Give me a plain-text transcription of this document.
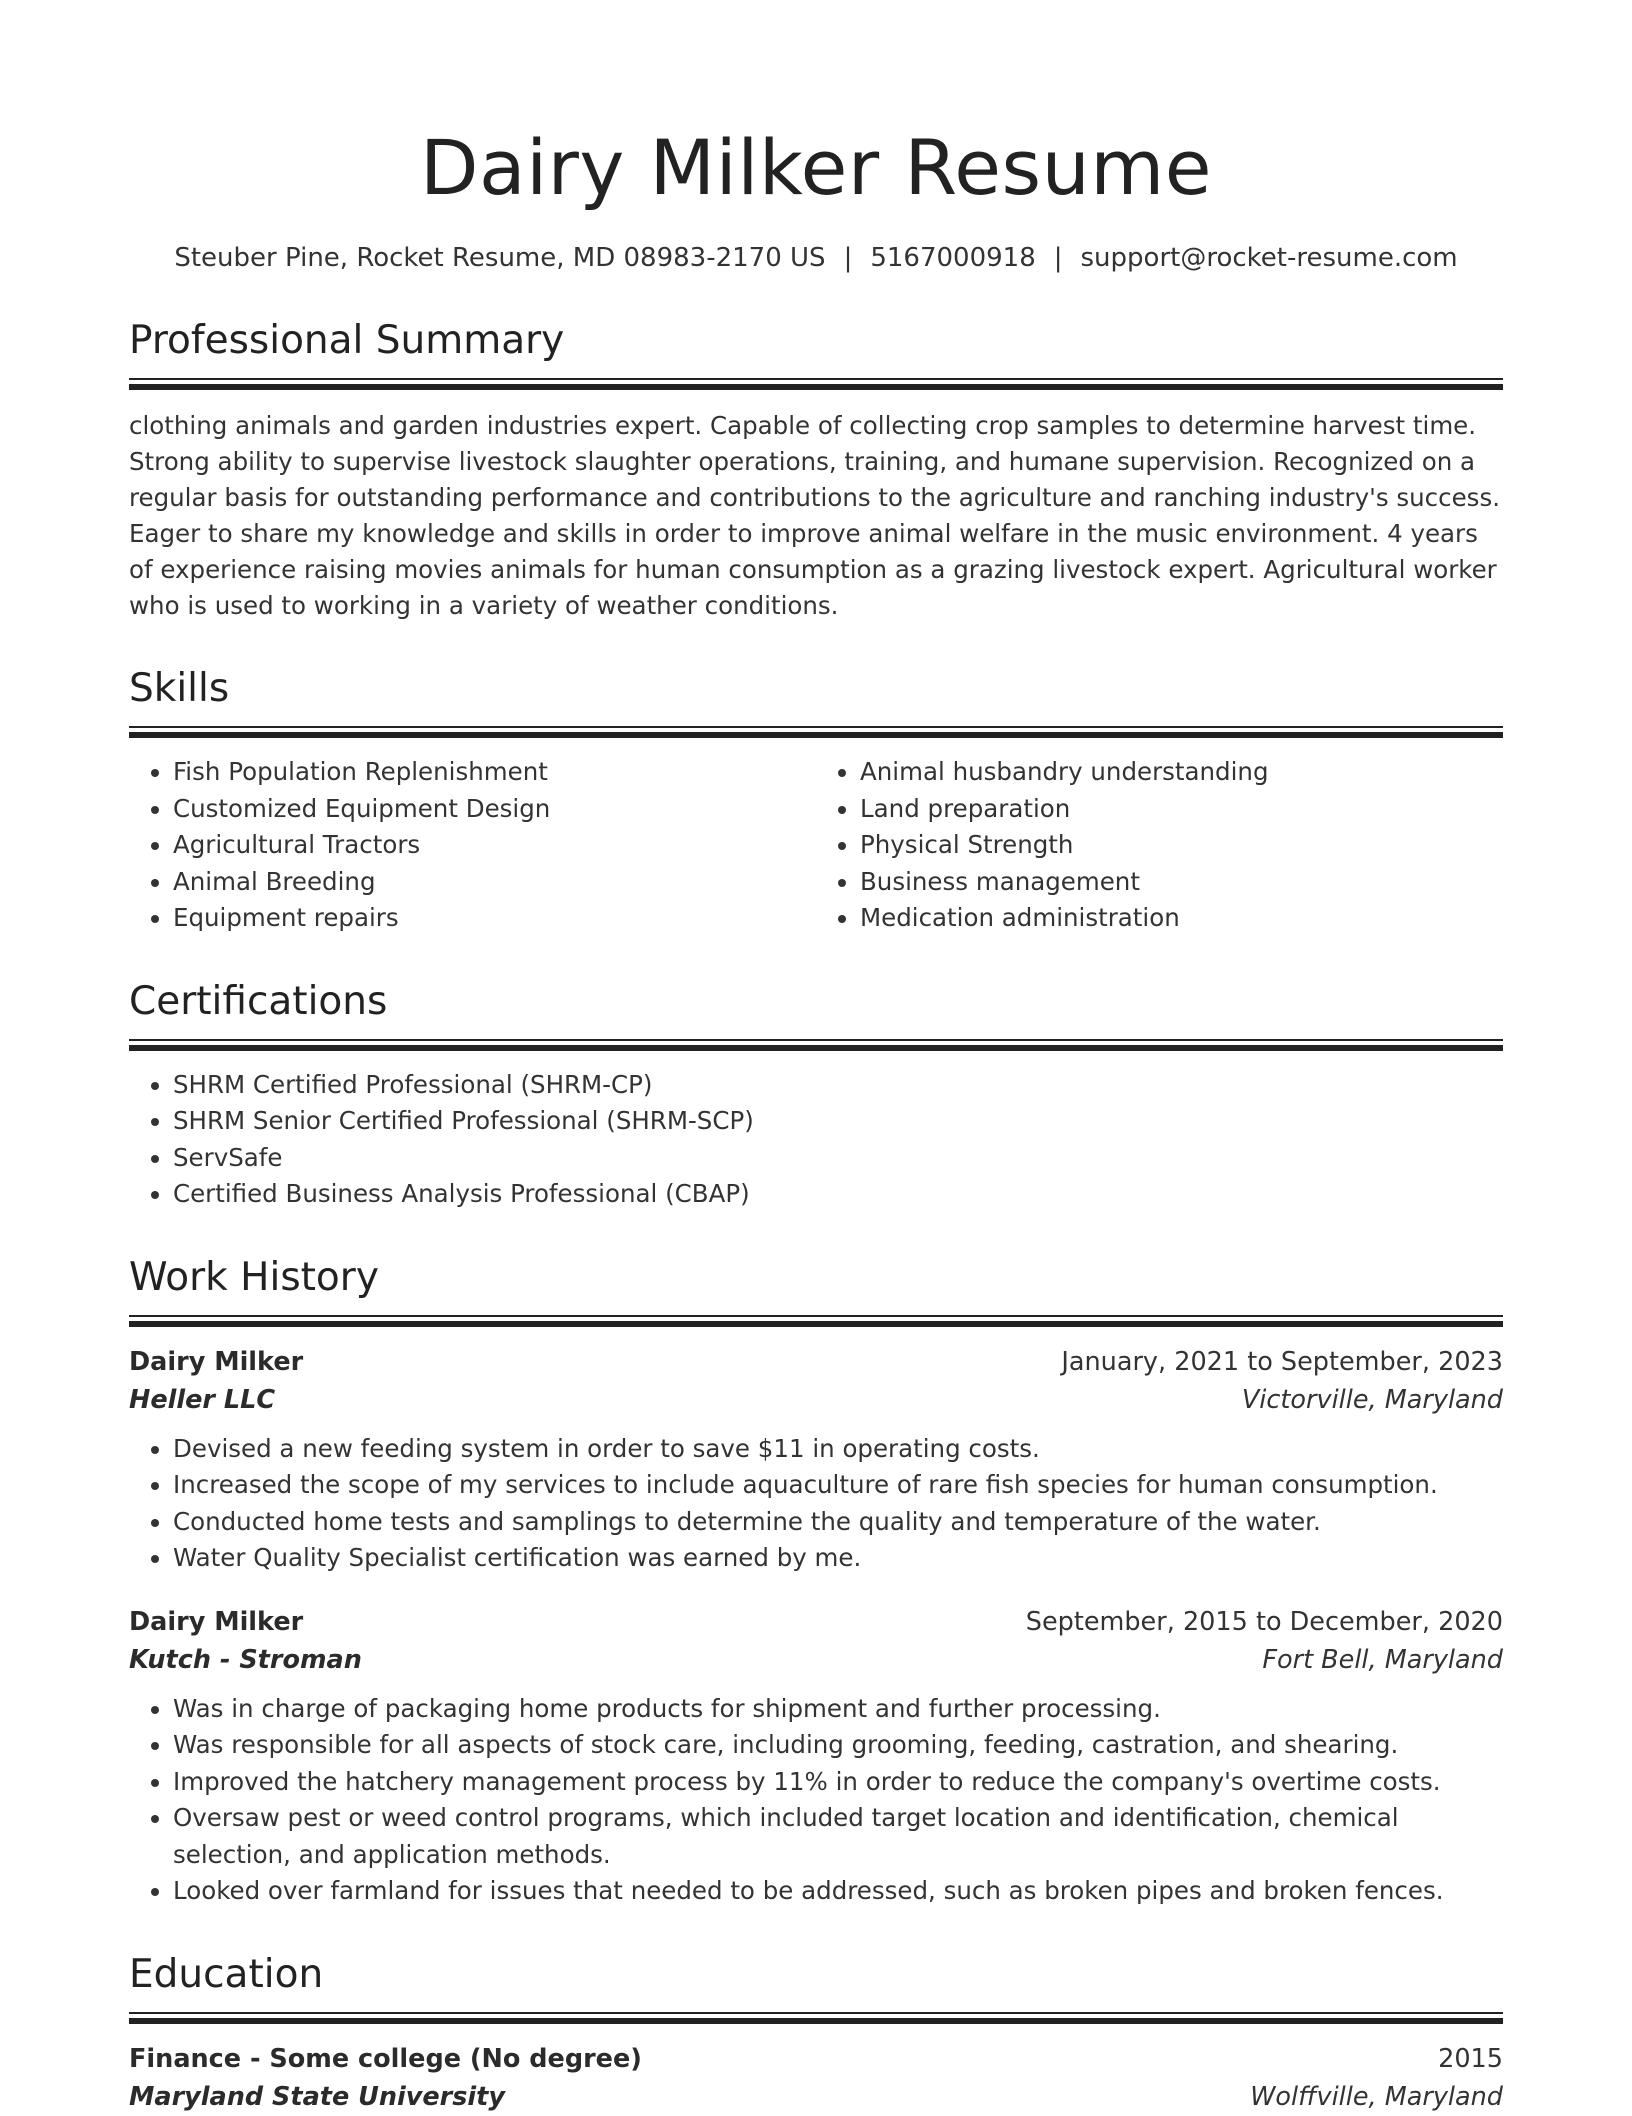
Dairy Milker Resume
Steuber Pine, Rocket Resume, MD 08983-2170 US | 5167000918 | support@rocket-resume.com
Professional Summary
clothing animals and garden industries expert. Capable of collecting crop samples to determine harvest time. Strong ability to supervise livestock slaughter operations, training, and humane supervision. Recognized on a regular basis for outstanding performance and contributions to the agriculture and ranching industry's success. Eager to share my knowledge and skills in order to improve animal welfare in the music environment. 4 years of experience raising movies animals for human consumption as a grazing livestock expert. Agricultural worker who is used to working in a variety of weather conditions.
Skills
• Fish Population Replenishment
• Customized Equipment Design
• Agricultural Tractors
• Animal Breeding
• Equipment repairs
• Animal husbandry understanding
• Land preparation
• Physical Strength
• Business management
• Medication administration
Certifications
• SHRM Certified Professional (SHRM-CP)
• SHRM Senior Certified Professional (SHRM-SCP)
• ServSafe
• Certified Business Analysis Professional (CBAP)
Work History
Dairy Milker	January, 2021 to September, 2023
Heller LLC	Victorville, Maryland
• Devised a new feeding system in order to save $11 in operating costs.
• Increased the scope of my services to include aquaculture of rare fish species for human consumption.
• Conducted home tests and samplings to determine the quality and temperature of the water.
• Water Quality Specialist certification was earned by me.
Dairy Milker	September, 2015 to December, 2020
Kutch - Stroman	Fort Bell, Maryland
• Was in charge of packaging home products for shipment and further processing.
• Was responsible for all aspects of stock care, including grooming, feeding, castration, and shearing.
• Improved the hatchery management process by 11% in order to reduce the company's overtime costs.
• Oversaw pest or weed control programs, which included target location and identification, chemical selection, and application methods.
• Looked over farmland for issues that needed to be addressed, such as broken pipes and broken fences.
Education
Finance - Some college (No degree)	2015
Maryland State University	Wolffville, Maryland
